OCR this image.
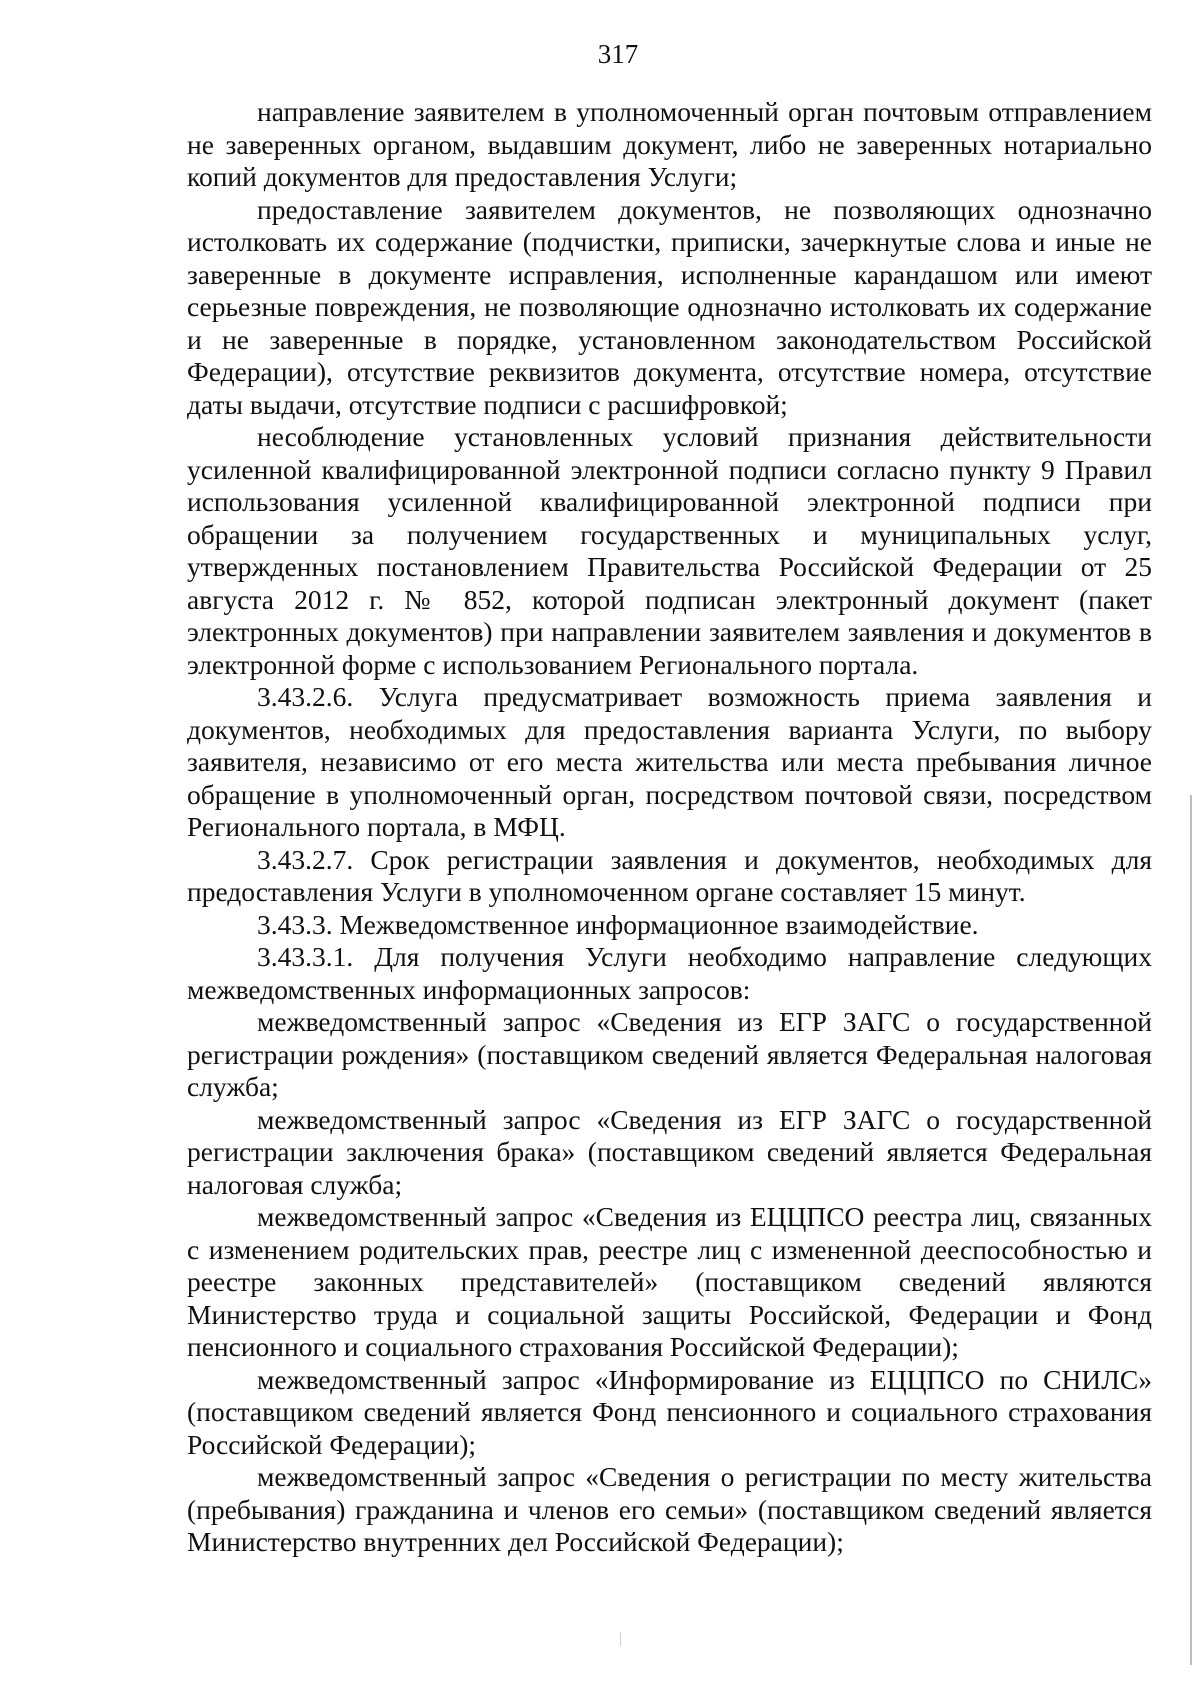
317

направление заявителем в уполномоченный орган почтовым отправлением не заверенных органом, выдавшим документ, либо не заверенных нотариально копий документов для предоставления Услуги;

предоставление заявителем документов, не позволяющих однозначно истолковать их содержание (подчистки, приписки, зачеркнутые слова и иные не заверенные в документе исправления, исполненные карандашом или имеют серьезные повреждения, не позволяющие однозначно истолковать их содержание и не заверенные в порядке, установленном законодательством Российской Федерации), отсутствие реквизитов документа, отсутствие номера, отсутствие даты выдачи, отсутствие подписи с расшифровкой;

несоблюдение установленных условий признания действительности усиленной квалифицированной электронной подписи согласно пункту 9 Правил использования усиленной квалифицированной электронной подписи при обращении за получением государственных и муниципальных услуг, утвержденных постановлением Правительства Российской Федерации от 25 августа 2012 г. № 852, которой подписан электронный документ (пакет электронных документов) при направлении заявителем заявления и документов в электронной форме с использованием Регионального портала.

3.43.2.6. Услуга предусматривает возможность приема заявления и документов, необходимых для предоставления варианта Услуги, по выбору заявителя, независимо от его места жительства или места пребывания личное обращение в уполномоченный орган, посредством почтовой связи, посредством Регионального портала, в МФЦ.

3.43.2.7. Срок регистрации заявления и документов, необходимых для предоставления Услуги в уполномоченном органе составляет 15 минут.

3.43.3. Межведомственное информационное взаимодействие.

3.43.3.1. Для получения Услуги необходимо направление следующих межведомственных информационных запросов:

межведомственный запрос «Сведения из ЕГР ЗАГС о государственной регистрации рождения» (поставщиком сведений является Федеральная налоговая служба;

межведомственный запрос «Сведения из ЕГР ЗАГС о государственной регистрации заключения брака» (поставщиком сведений является Федеральная налоговая служба;

межведомственный запрос «Сведения из ЕЦЦПСО реестра лиц, связанных с изменением родительских прав, реестре лиц с измененной дееспособностью и реестре законных представителей» (поставщиком сведений являются Министерство труда и социальной защиты Российской, Федерации и Фонд пенсионного и социального страхования Российской Федерации);

межведомственный запрос «Информирование из ЕЦЦПСО по СНИЛС» (поставщиком сведений является Фонд пенсионного и социального страхования Российской Федерации);

межведомственный запрос «Сведения о регистрации по месту жительства (пребывания) гражданина и членов его семьи» (поставщиком сведений является Министерство внутренних дел Российской Федерации);
